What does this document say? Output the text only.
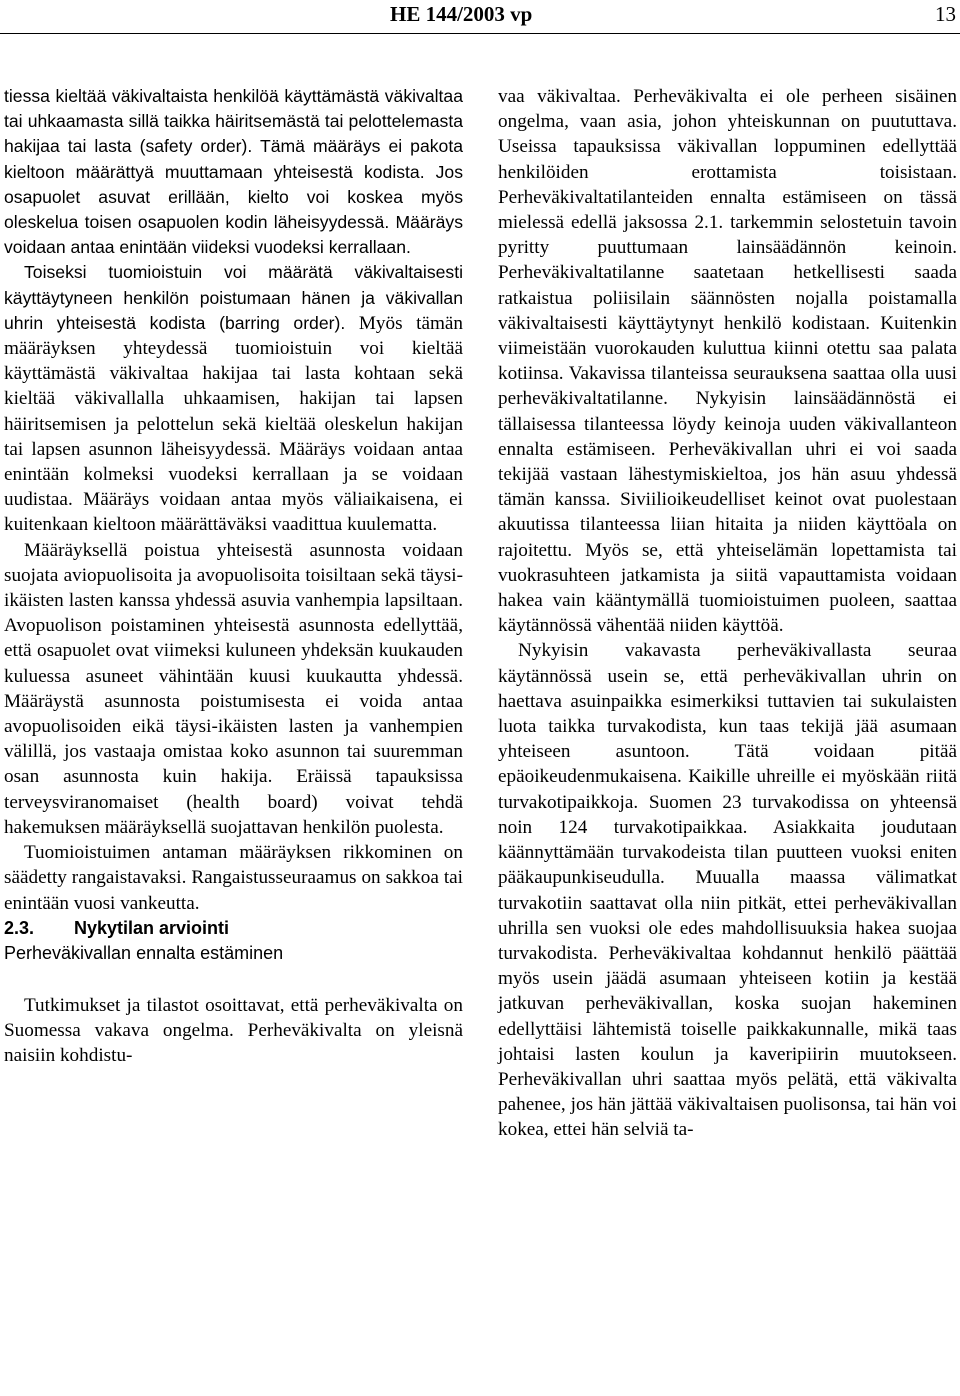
HE 144/2003 vp	13

tiessa kieltää väkivaltaista henkilöä käyttämästä väkivaltaa tai uhkaamasta sillä taikka häiritsemästä tai pelottelemasta hakijaa tai lasta (safety order). Tämä määräys ei pakota kieltoon määrättyä muuttamaan yhteisestä kodista. Jos osapuolet asuvat erillään, kielto voi koskea myös oleskelua toisen osapuolen kodin läheisyydessä. Määräys voidaan antaa enintään viideksi vuodeksi kerrallaan.

Toiseksi tuomioistuin voi määrätä väkivaltaisesti käyttäytyneen henkilön poistumaan hänen ja väkivallan uhrin yhteisestä kodista (barring order). Myös tämän määräyksen yhteydessä tuomioistuin voi kieltää käyttämästä väkivaltaa hakijaa tai lasta kohtaan sekä kieltää väkivallalla uhkaamisen, hakijan tai lapsen häiritsemisen ja pelottelun sekä kieltää oleskelun hakijan tai lapsen asunnon läheisyydessä. Määräys voidaan antaa enintään kolmeksi vuodeksi kerrallaan ja se voidaan uudistaa. Määräys voidaan antaa myös väliaikaisena, ei kuitenkaan kieltoon määrättäväksi vaadittua kuulematta.

Määräyksellä poistua yhteisestä asunnosta voidaan suojata aviopuolisoita ja avopuolisoita toisiltaan sekä täysi-ikäisten lasten kanssa yhdessä asuvia vanhempia lapsiltaan. Avopuolison poistaminen yhteisestä asunnosta edellyttää, että osapuolet ovat viimeksi kuluneen yhdeksän kuukauden kuluessa asuneet vähintään kuusi kuukautta yhdessä. Määräystä asunnosta poistumisesta ei voida antaa avopuolisoiden eikä täysi-ikäisten lasten ja vanhempien välillä, jos vastaaja omistaa koko asunnon tai suuremman osan asunnosta kuin hakija. Eräissä tapauksissa terveysviranomaiset (health board) voivat tehdä hakemuksen määräyksellä suojattavan henkilön puolesta.

Tuomioistuimen antaman määräyksen rikkominen on säädetty rangaistavaksi. Rangaistusseuraamus on sakkoa tai enintään vuosi vankeutta.

2.3. Nykytilan arviointi

Perheväkivallan ennalta estäminen

Tutkimukset ja tilastot osoittavat, että perheväkivalta on Suomessa vakava ongelma. Perheväkivalta on yleisnä naisiin kohdistu-

vaa väkivaltaa. Perheväkivalta ei ole perheen sisäinen ongelma, vaan asia, johon yhteiskunnan on puututtava. Useissa tapauksissa väkivallan loppuminen edellyttää henkilöiden erottamista toisistaan. Perheväkivaltatilanteiden ennalta estämiseen on tässä mielessä edellä jaksossa 2.1. tarkemmin selostetuin tavoin pyritty puuttumaan lainsäädännön keinoin. Perheväkivaltatilanne saatetaan hetkellisesti saada ratkaistua poliisilain säännösten nojalla poistamalla väkivaltaisesti käyttäytynyt henkilö kodistaan. Kuitenkin viimeistään vuorokauden kuluttua kiinni otettu saa palata kotiinsa. Vakavissa tilanteissa seurauksena saattaa olla uusi perheväkivaltatilanne. Nykyisin lainsäädännöstä ei tällaisessa tilanteessa löydy keinoja uuden väkivallanteon ennalta estämiseen. Perheväkivallan uhri ei voi saada tekijää vastaan lähestymiskieltoa, jos hän asuu yhdessä tämän kanssa. Siviilioikeudelliset keinot ovat puolestaan akuutissa tilanteessa liian hitaita ja niiden käyttöala on rajoitettu. Myös se, että yhteiselämän lopettamista tai vuokrasuhteen jatkamista ja siitä vapauttamista voidaan hakea vain kääntymällä tuomioistuimen puoleen, saattaa käytännössä vähentää niiden käyttöä.

Nykyisin vakavasta perheväkivallasta seuraa käytännössä usein se, että perheväkivallan uhrin on haettava asuinpaikka esimerkiksi tuttavien tai sukulaisten luota taikka turvakodista, kun taas tekijä jää asumaan yhteiseen asuntoon. Tätä voidaan pitää epäoikeudenmukaisena. Kaikille uhreille ei myöskään riitä turvakotipaikkoja. Suomen 23 turvakodissa on yhteensä noin 124 turvakotipaikkaa. Asiakkaita joudutaan käännyttämään turvakodeista tilan puutteen vuoksi eniten pääkaupunkiseudulla. Muualla maassa välimatkat turvakotiin saattavat olla niin pitkät, ettei perheväkivallan uhrilla sen vuoksi ole edes mahdollisuuksia hakea suojaa turvakodista. Perheväkivaltaa kohdannut henkilö päättää myös usein jäädä asumaan yhteiseen kotiin ja kestää jatkuvan perheväkivallan, koska suojan hakeminen edellyttäisi lähtemistä toiselle paikkakunnalle, mikä taas johtaisi lasten koulun ja kaveripiirin muutokseen. Perheväkivallan uhri saattaa myös pelätä, että väkivalta pahenee, jos hän jättää väkivaltaisen puolisonsa, tai hän voi kokea, ettei hän selviä ta-
